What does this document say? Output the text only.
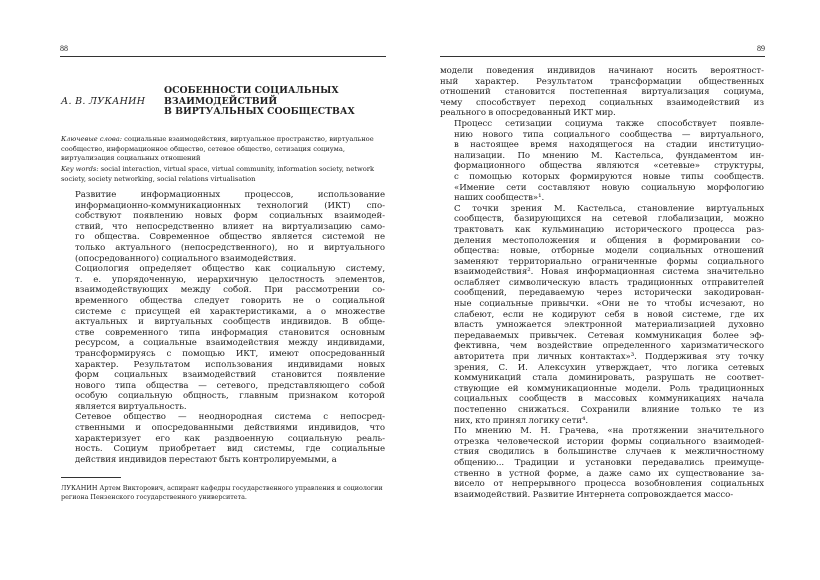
88
А. В. ЛУКАНИН
ОСОБЕННОСТИ СОЦИАЛЬНЫХ
ВЗАИМОДЕЙСТВИЙ
В ВИРТУАЛЬНЫХ СООБЩЕСТВАХ

Ключевые слова: социальные взаимодействия, виртуальное пространство, виртуальное сообщество, информационное общество, сетевое общество, сетизация социума, виртуализация социальных отношений

Key words: social interaction, virtual space, virtual community, information society, network society, society networking, social relations virtualisation

Развитие информационных процессов, использование
информационно-коммуникационных технологий (ИКТ) спо-
собствуют появлению новых форм социальных взаимодей-
ствий, что непосредственно влияет на виртуализацию само-
го общества. Современное общество является системой не
только актуального (непосредственного), но и виртуального
(опосредованного) социального взаимодействия.

Социология определяет общество как социальную систему,
т. е. упорядоченную, иерархичную целостность элементов,
взаимодействующих между собой. При рассмотрении со-
временного общества следует говорить не о социальной
системе с присущей ей характеристиками, а о множестве
актуальных и виртуальных сообществ индивидов. В обще-
стве современного типа информация становится основным
ресурсом, а социальные взаимодействия между индивидами,
трансформируясь с помощью ИКТ, имеют опосредованный
характер. Результатом использования индивидами новых
форм социальных взаимодействий становится появление
нового типа общества — сетевого, представляющего собой
особую социальную общность, главным признаком которой
является виртуальность.

Сетевое общество — неоднородная система с непосред-
ственными и опосредованными действиями индивидов, что
характеризует его как раздвоенную социальную реаль-
ность. Социум приобретает вид системы, где социальные
действия индивидов перестают быть контролируемыми, а

ЛУКАНИН Артем Викторович, аспирант кафедры государственного управления и социологии региона Пензенского государственного университета.
89

модели поведения индивидов начинают носить вероятност-
ный характер. Результатом трансформации общественных
отношений становится постепенная виртуализация социума,
чему способствует переход социальных взаимодействий из
реального в опосредованный ИКТ мир.

Процесс сетизации социума также способствует появле-
нию нового типа социального сообщества — виртуального,
в настоящее время находящегося на стадии институцио-
нализации. По мнению М. Кастельса, фундаментом ин-
формационного общества являются «сетевые» структуры,
с помощью которых формируются новые типы сообществ.
«Имение сети составляют новую социальную морфологию
наших сообществ»¹.

С точки зрения М. Кастельса, становление виртуальных
сообществ, базирующихся на сетевой глобализации, можно
трактовать как кульминацию исторического процесса раз-
деления местоположения и общения в формировании со-
общества: новые, отборные модели социальных отношений
заменяют территориально ограниченные формы социального
взаимодействия². Новая информационная система значительно
ослабляет символическую власть традиционных отправителей
сообщений, передаваемую через исторически закодирован-
ные социальные привычки. «Они не то чтобы исчезают, но
слабеют, если не кодируют себя в новой системе, где их
власть умножается электронной материализацией духовно
передаваемых привычек. Сетевая коммуникация более эф-
фективна, чем воздействие определенного харизматического
авторитета при личных контактах»³. Поддерживая эту точку
зрения, С. И. Алексухин утверждает, что логика сетевых
коммуникаций стала доминировать, разрушать не соответ-
ствующие ей коммуникационные модели. Роль традиционных
социальных сообществ в массовых коммуникациях начала
постепенно снижаться. Сохранили влияние только те из
них, кто принял логику сети⁴.

По мнению М. Н. Грачева, «на протяжении значительного
отрезка человеческой истории формы социального взаимодей-
ствия сводились в большинстве случаев к межличностному
общению... Традиции и установки передавались преимуще-
ственно в устной форме, а даже само их существование за-
висело от непрерывного процесса возобновления социальных
взаимодействий. Развитие Интернета сопровождается массо-
